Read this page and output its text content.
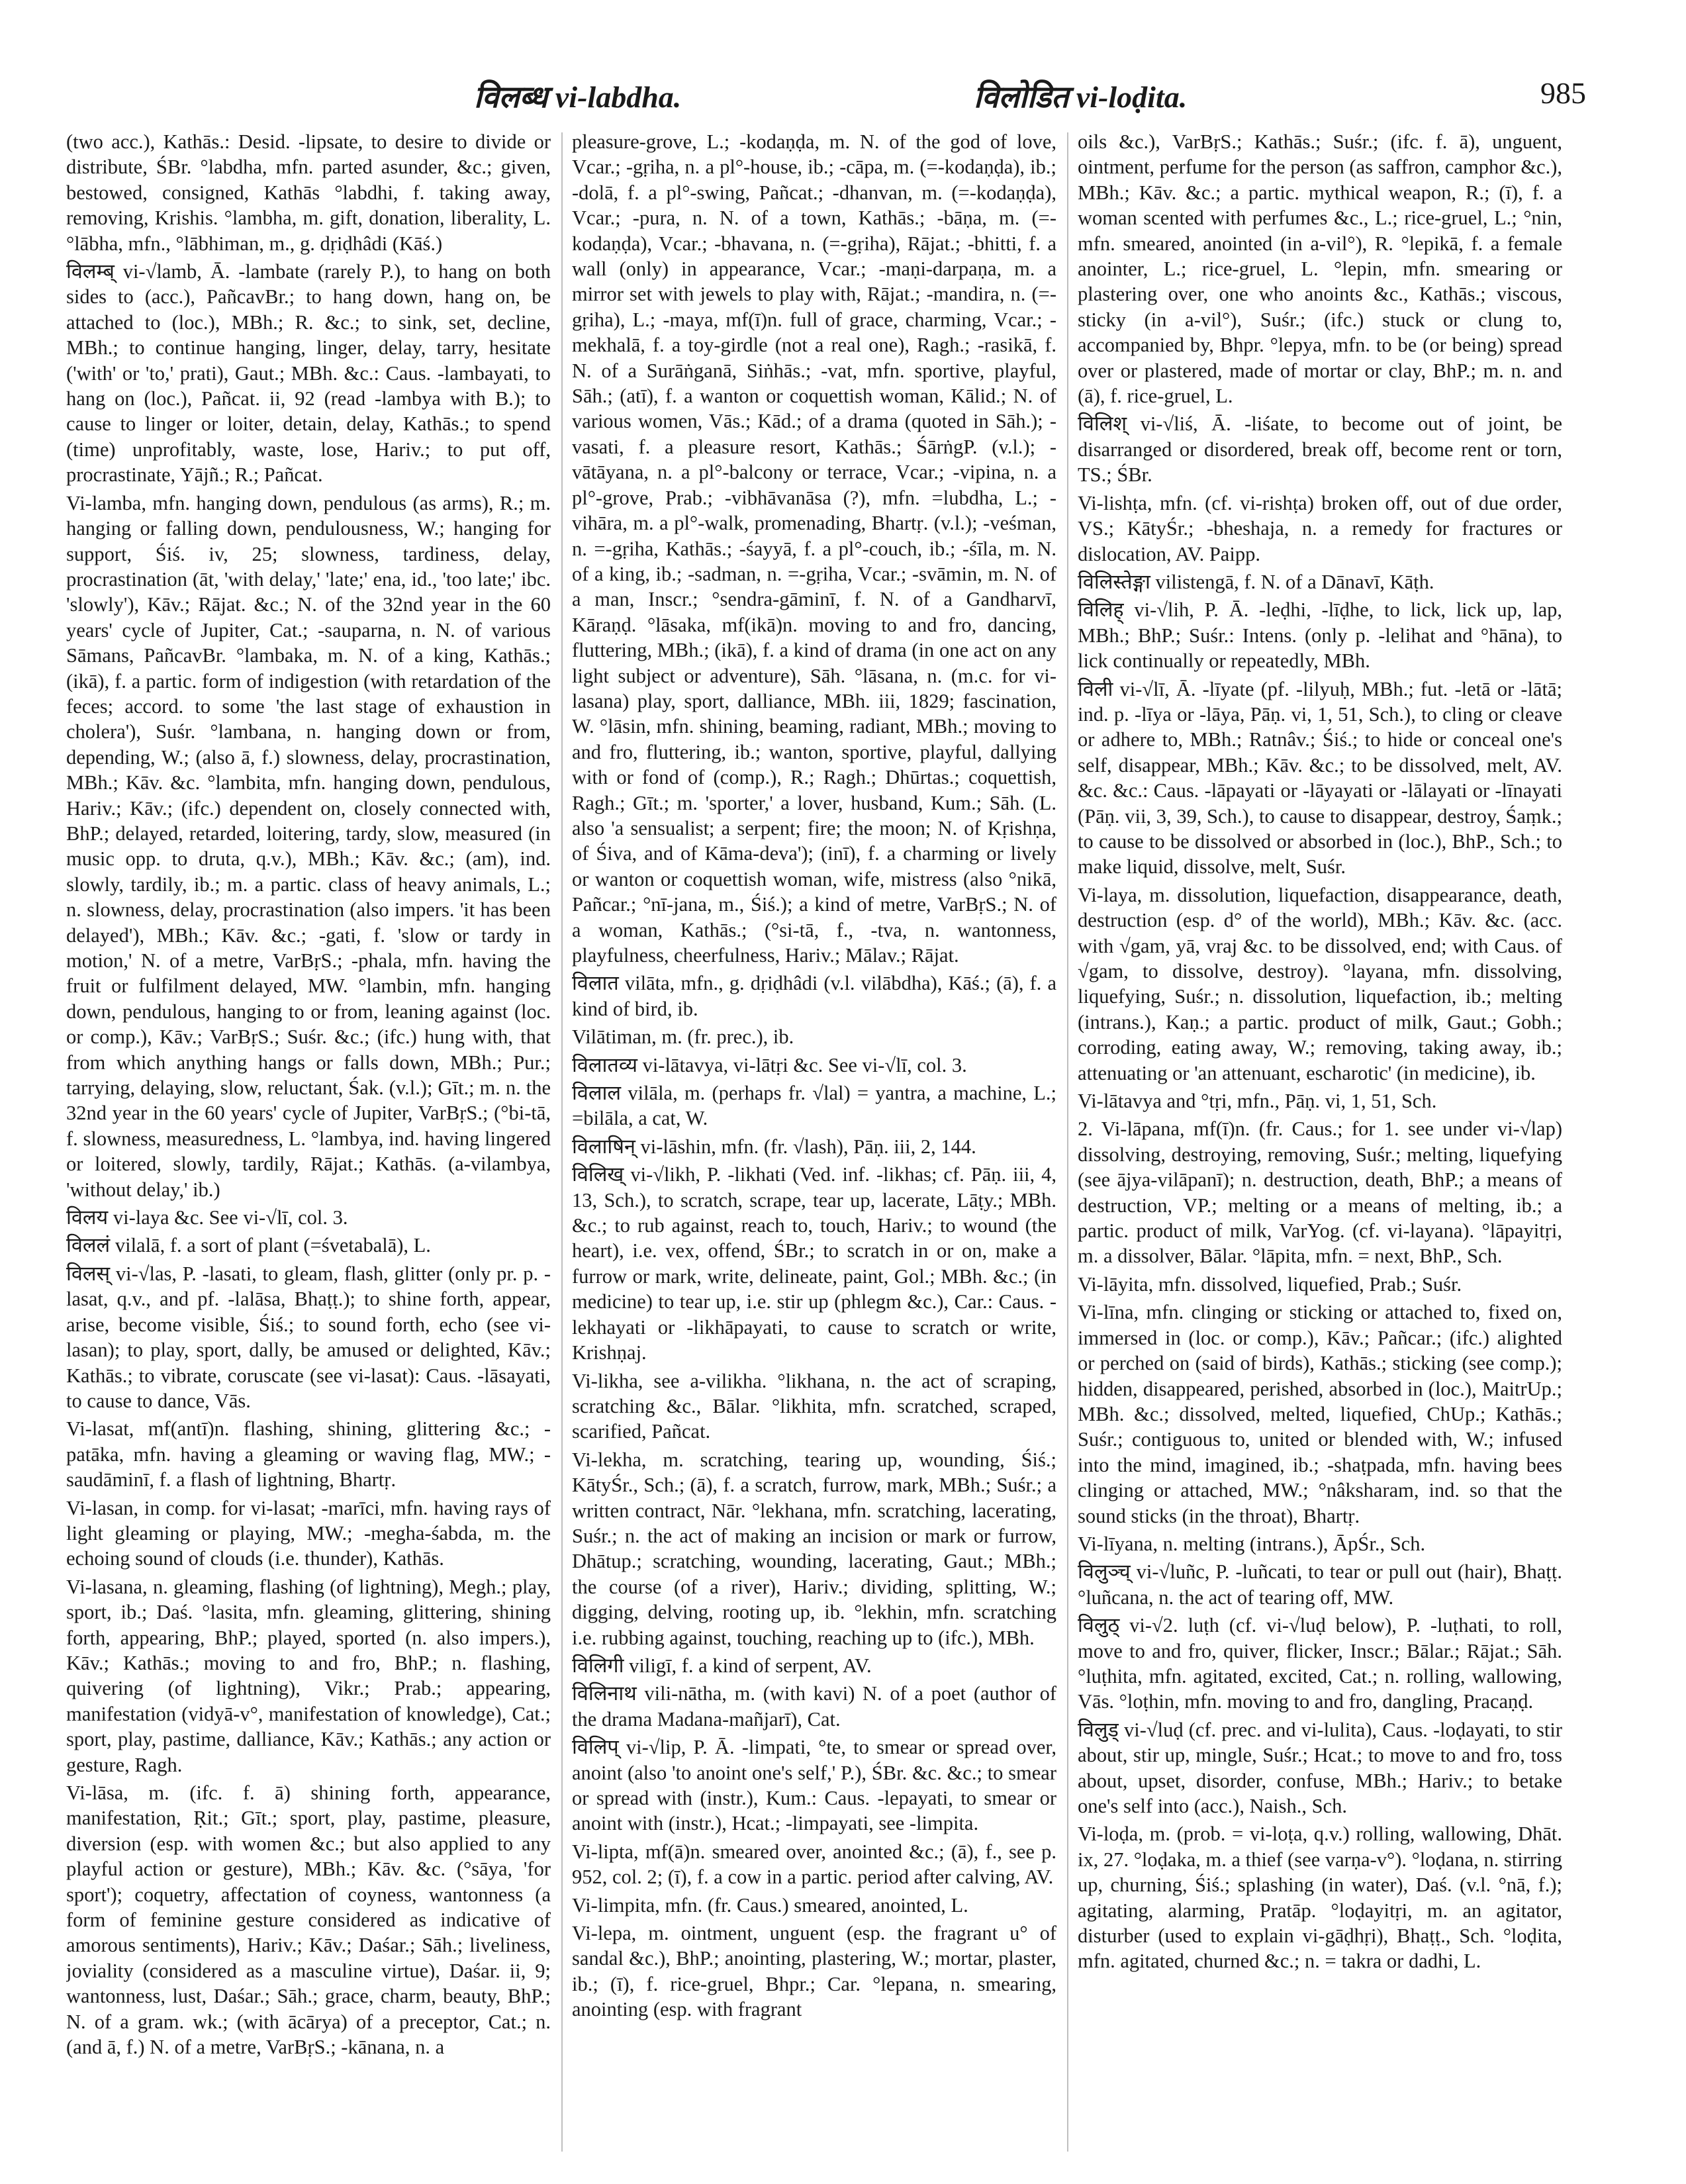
विलब्ध vi-labdha.	विलोडित vi-loḍita.	985

(two acc.), Kathās.: Desid. -lipsate, to desire to divide or distribute, ŚBr. °labdha, mfn. parted asunder, &c.; given, bestowed, consigned, Kathās °labdhi, f. taking away, removing, Krishis. °lambha, m. gift, donation, liberality, L. °lābha, mfn., °lābhiman, m., g. dṛiḍhâdi (Kāś.)

विलम्ब् vi-√lamb, Ā. -lambate (rarely P.), to hang on both sides to (acc.), PañcavBr.; to hang down, hang on, be attached to (loc.), MBh.; R. &c.; to sink, set, decline, MBh.; to continue hanging, linger, delay, tarry, hesitate ('with' or 'to,' prati), Gaut.; MBh. &c.: Caus. -lambayati, to hang on (loc.), Pañcat. ii, 92 (read -lambya with B.); to cause to linger or loiter, detain, delay, Kathās.; to spend (time) unprofitably, waste, lose, Hariv.; to put off, procrastinate, Yājñ.; R.; Pañcat.

Vi-lamba, mfn. hanging down, pendulous (as arms), R.; m. hanging or falling down, pendulousness, W.; hanging for support, Śiś. iv, 25; slowness, tardiness, delay, procrastination (āt, 'with delay,' 'late;' ena, id., 'too late;' ibc. 'slowly'), Kāv.; Rājat. &c.; N. of the 32nd year in the 60 years' cycle of Jupiter, Cat.; -sauparna, n. N. of various Sāmans, PañcavBr. °lambaka, m. N. of a king, Kathās.; (ikā), f. a partic. form of indigestion (with retardation of the feces; accord. to some 'the last stage of exhaustion in cholera'), Suśr. °lambana, n. hanging down or from, depending, W.; (also ā, f.) slowness, delay, procrastination, MBh.; Kāv. &c. °lambita, mfn. hanging down, pendulous, Hariv.; Kāv.; (ifc.) dependent on, closely connected with, BhP.; delayed, retarded, loitering, tardy, slow, measured (in music opp. to druta, q.v.), MBh.; Kāv. &c.; (am), ind. slowly, tardily, ib.; m. a partic. class of heavy animals, L.; n. slowness, delay, procrastination (also impers. 'it has been delayed'), MBh.; Kāv. &c.; -gati, f. 'slow or tardy in motion,' N. of a metre, VarBṛS.; -phala, mfn. having the fruit or fulfilment delayed, MW. °lambin, mfn. hanging down, pendulous, hanging to or from, leaning against (loc. or comp.), Kāv.; VarBṛS.; Suśr. &c.; (ifc.) hung with, that from which anything hangs or falls down, MBh.; Pur.; tarrying, delaying, slow, reluctant, Śak. (v.l.); Gīt.; m. n. the 32nd year in the 60 years' cycle of Jupiter, VarBṛS.; (°bi-tā, f. slowness, measuredness, L. °lambya, ind. having lingered or loitered, slowly, tardily, Rājat.; Kathās. (a-vilambya, 'without delay,' ib.)

विलय vi-laya &c. See vi-√lī, col. 3.

विललं vilalā, f. a sort of plant (=śvetabalā), L.

विलस् vi-√las, P. -lasati, to gleam, flash, glitter (only pr. p. -lasat, q.v., and pf. -lalāsa, Bhaṭṭ.); to shine forth, appear, arise, become visible, Śiś.; to sound forth, echo (see vi-lasan); to play, sport, dally, be amused or delighted, Kāv.; Kathās.; to vibrate, coruscate (see vi-lasat): Caus. -lāsayati, to cause to dance, Vās.

Vi-lasat, mf(antī)n. flashing, shining, glittering &c.; -patāka, mfn. having a gleaming or waving flag, MW.; -saudāminī, f. a flash of lightning, Bhartṛ.

Vi-lasan, in comp. for vi-lasat; -marīci, mfn. having rays of light gleaming or playing, MW.; -megha-śabda, m. the echoing sound of clouds (i.e. thunder), Kathās.

Vi-lasana, n. gleaming, flashing (of lightning), Megh.; play, sport, ib.; Daś. °lasita, mfn. gleaming, glittering, shining forth, appearing, BhP.; played, sported (n. also impers.), Kāv.; Kathās.; moving to and fro, BhP.; n. flashing, quivering (of lightning), Vikr.; Prab.; appearing, manifestation (vidyā-v°, manifestation of knowledge), Cat.; sport, play, pastime, dalliance, Kāv.; Kathās.; any action or gesture, Ragh.

Vi-lāsa, m. (ifc. f. ā) shining forth, appearance, manifestation, Ṛit.; Gīt.; sport, play, pastime, pleasure, diversion (esp. with women &c.; but also applied to any playful action or gesture), MBh.; Kāv. &c. (°sāya, 'for sport'); coquetry, affectation of coyness, wantonness (a form of feminine gesture considered as indicative of amorous sentiments), Hariv.; Kāv.; Daśar.; Sāh.; liveliness, joviality (considered as a masculine virtue), Daśar. ii, 9; wantonness, lust, Daśar.; Sāh.; grace, charm, beauty, BhP.; N. of a gram. wk.; (with ācārya) of a preceptor, Cat.; n. (and ā, f.) N. of a metre, VarBṛS.; -kānana, n. a

pleasure-grove, L.; -kodaṇḍa, m. N. of the god of love, Vcar.; -gṛiha, n. a pl°-house, ib.; -cāpa, m. (=-kodaṇḍa), ib.; -dolā, f. a pl°-swing, Pañcat.; -dhanvan, m. (=-kodaṇḍa), Vcar.; -pura, n. N. of a town, Kathās.; -bāṇa, m. (=-kodaṇḍa), Vcar.; -bhavana, n. (=-gṛiha), Rājat.; -bhitti, f. a wall (only) in appearance, Vcar.; -maṇi-darpaṇa, m. a mirror set with jewels to play with, Rājat.; -mandira, n. (=-gṛiha), L.; -maya, mf(ī)n. full of grace, charming, Vcar.; -mekhalā, f. a toy-girdle (not a real one), Ragh.; -rasikā, f. N. of a Surāṅganā, Siṅhās.; -vat, mfn. sportive, playful, Sāh.; (atī), f. a wanton or coquettish woman, Kālid.; N. of various women, Vās.; Kād.; of a drama (quoted in Sāh.); -vasati, f. a pleasure resort, Kathās.; ŚārṅgP. (v.l.); -vātāyana, n. a pl°-balcony or terrace, Vcar.; -vipina, n. a pl°-grove, Prab.; -vibhāvanāsa (?), mfn. =lubdha, L.; -vihāra, m. a pl°-walk, promenading, Bhartṛ. (v.l.); -veśman, n. =-gṛiha, Kathās.; -śayyā, f. a pl°-couch, ib.; -śīla, m. N. of a king, ib.; -sadman, n. =-gṛiha, Vcar.; -svāmin, m. N. of a man, Inscr.; °sendra-gāminī, f. N. of a Gandharvī, Kāraṇḍ. °lāsaka, mf(ikā)n. moving to and fro, dancing, fluttering, MBh.; (ikā), f. a kind of drama (in one act on any light subject or adventure), Sāh. °lāsana, n. (m.c. for vi-lasana) play, sport, dalliance, MBh. iii, 1829; fascination, W. °lāsin, mfn. shining, beaming, radiant, MBh.; moving to and fro, fluttering, ib.; wanton, sportive, playful, dallying with or fond of (comp.), R.; Ragh.; Dhūrtas.; coquettish, Ragh.; Gīt.; m. 'sporter,' a lover, husband, Kum.; Sāh. (L. also 'a sensualist; a serpent; fire; the moon; N. of Kṛishṇa, of Śiva, and of Kāma-deva'); (inī), f. a charming or lively or wanton or coquettish woman, wife, mistress (also °nikā, Pañcar.; °nī-jana, m., Śiś.); a kind of metre, VarBṛS.; N. of a woman, Kathās.; (°si-tā, f., -tva, n. wantonness, playfulness, cheerfulness, Hariv.; Mālav.; Rājat.

विलात vilāta, mfn., g. dṛiḍhâdi (v.l. vilābdha), Kāś.; (ā), f. a kind of bird, ib.

Vilātiman, m. (fr. prec.), ib.

विलातव्य vi-lātavya, vi-lātṛi &c. See vi-√lī, col. 3.

विलाल vilāla, m. (perhaps fr. √lal) = yantra, a machine, L.; =bilāla, a cat, W.

विलाषिन् vi-lāshin, mfn. (fr. √lash), Pāṇ. iii, 2, 144.

विलिख् vi-√likh, P. -likhati (Ved. inf. -likhas; cf. Pāṇ. iii, 4, 13, Sch.), to scratch, scrape, tear up, lacerate, Lāṭy.; MBh. &c.; to rub against, reach to, touch, Hariv.; to wound (the heart), i.e. vex, offend, ŚBr.; to scratch in or on, make a furrow or mark, write, delineate, paint, Gol.; MBh. &c.; (in medicine) to tear up, i.e. stir up (phlegm &c.), Car.: Caus. -lekhayati or -likhāpayati, to cause to scratch or write, Krishṇaj.

Vi-likha, see a-vilikha. °likhana, n. the act of scraping, scratching &c., Bālar. °likhita, mfn. scratched, scraped, scarified, Pañcat.

Vi-lekha, m. scratching, tearing up, wounding, Śiś.; KātyŚr., Sch.; (ā), f. a scratch, furrow, mark, MBh.; Suśr.; a written contract, Nār. °lekhana, mfn. scratching, lacerating, Suśr.; n. the act of making an incision or mark or furrow, Dhātup.; scratching, wounding, lacerating, Gaut.; MBh.; the course (of a river), Hariv.; dividing, splitting, W.; digging, delving, rooting up, ib. °lekhin, mfn. scratching i.e. rubbing against, touching, reaching up to (ifc.), MBh.

विलिगी viligī, f. a kind of serpent, AV.

विलिनाथ vili-nātha, m. (with kavi) N. of a poet (author of the drama Madana-mañjarī), Cat.

विलिप् vi-√lip, P. Ā. -limpati, °te, to smear or spread over, anoint (also 'to anoint one's self,' P.), ŚBr. &c. &c.; to smear or spread with (instr.), Kum.: Caus. -lepayati, to smear or anoint with (instr.), Hcat.; -limpayati, see -limpita.

Vi-lipta, mf(ā)n. smeared over, anointed &c.; (ā), f., see p. 952, col. 2; (ī), f. a cow in a partic. period after calving, AV.

Vi-limpita, mfn. (fr. Caus.) smeared, anointed, L.

Vi-lepa, m. ointment, unguent (esp. the fragrant u° of sandal &c.), BhP.; anointing, plastering, W.; mortar, plaster, ib.; (ī), f. rice-gruel, Bhpr.; Car. °lepana, n. smearing, anointing (esp. with fragrant

oils &c.), VarBṛS.; Kathās.; Suśr.; (ifc. f. ā), unguent, ointment, perfume for the person (as saffron, camphor &c.), MBh.; Kāv. &c.; a partic. mythical weapon, R.; (ī), f. a woman scented with perfumes &c., L.; rice-gruel, L.; °nin, mfn. smeared, anointed (in a-vil°), R. °lepikā, f. a female anointer, L.; rice-gruel, L. °lepin, mfn. smearing or plastering over, one who anoints &c., Kathās.; viscous, sticky (in a-vil°), Suśr.; (ifc.) stuck or clung to, accompanied by, Bhpr. °lepya, mfn. to be (or being) spread over or plastered, made of mortar or clay, BhP.; m. n. and (ā), f. rice-gruel, L.

विलिश् vi-√liś, Ā. -liśate, to become out of joint, be disarranged or disordered, break off, become rent or torn, TS.; ŚBr.

Vi-lishṭa, mfn. (cf. vi-rishṭa) broken off, out of due order, VS.; KātyŚr.; -bheshaja, n. a remedy for fractures or dislocation, AV. Paipp.

विलिस्तेङ्गा vilistengā, f. N. of a Dānavī, Kāṭh.

विलिह् vi-√lih, P. Ā. -leḍhi, -līḍhe, to lick, lick up, lap, MBh.; BhP.; Suśr.: Intens. (only p. -lelihat and °hāna), to lick continually or repeatedly, MBh.

विली vi-√lī, Ā. -līyate (pf. -lilyuḥ, MBh.; fut. -letā or -lātā; ind. p. -līya or -lāya, Pāṇ. vi, 1, 51, Sch.), to cling or cleave or adhere to, MBh.; Ratnâv.; Śiś.; to hide or conceal one's self, disappear, MBh.; Kāv. &c.; to be dissolved, melt, AV. &c. &c.: Caus. -lāpayati or -lāyayati or -lālayati or -līnayati (Pāṇ. vii, 3, 39, Sch.), to cause to disappear, destroy, Śaṃk.; to cause to be dissolved or absorbed in (loc.), BhP., Sch.; to make liquid, dissolve, melt, Suśr.

Vi-laya, m. dissolution, liquefaction, disappearance, death, destruction (esp. d° of the world), MBh.; Kāv. &c. (acc. with √gam, yā, vraj &c. to be dissolved, end; with Caus. of √gam, to dissolve, destroy). °layana, mfn. dissolving, liquefying, Suśr.; n. dissolution, liquefaction, ib.; melting (intrans.), Kaṇ.; a partic. product of milk, Gaut.; Gobh.; corroding, eating away, W.; removing, taking away, ib.; attenuating or 'an attenuant, escharotic' (in medicine), ib.

Vi-lātavya and °tṛi, mfn., Pāṇ. vi, 1, 51, Sch.

2. Vi-lāpana, mf(ī)n. (fr. Caus.; for 1. see under vi-√lap) dissolving, destroying, removing, Suśr.; melting, liquefying (see ājya-vilāpanī); n. destruction, death, BhP.; a means of destruction, VP.; melting or a means of melting, ib.; a partic. product of milk, VarYog. (cf. vi-layana). °lāpayitṛi, m. a dissolver, Bālar. °lāpita, mfn. = next, BhP., Sch.

Vi-lāyita, mfn. dissolved, liquefied, Prab.; Suśr.

Vi-līna, mfn. clinging or sticking or attached to, fixed on, immersed in (loc. or comp.), Kāv.; Pañcar.; (ifc.) alighted or perched on (said of birds), Kathās.; sticking (see comp.); hidden, disappeared, perished, absorbed in (loc.), MaitrUp.; MBh. &c.; dissolved, melted, liquefied, ChUp.; Kathās.; Suśr.; contiguous to, united or blended with, W.; infused into the mind, imagined, ib.; -shaṭpada, mfn. having bees clinging or attached, MW.; °nâksharam, ind. so that the sound sticks (in the throat), Bhartṛ.

Vi-līyana, n. melting (intrans.), ĀpŚr., Sch.

विलुञ्च् vi-√luñc, P. -luñcati, to tear or pull out (hair), Bhaṭṭ. °luñcana, n. the act of tearing off, MW.

विलुठ् vi-√2. luṭh (cf. vi-√luḍ below), P. -luṭhati, to roll, move to and fro, quiver, flicker, Inscr.; Bālar.; Rājat.; Sāh. °luṭhita, mfn. agitated, excited, Cat.; n. rolling, wallowing, Vās. °loṭhin, mfn. moving to and fro, dangling, Pracaṇḍ.

विलुड् vi-√luḍ (cf. prec. and vi-lulita), Caus. -loḍayati, to stir about, stir up, mingle, Suśr.; Hcat.; to move to and fro, toss about, upset, disorder, confuse, MBh.; Hariv.; to betake one's self into (acc.), Naish., Sch.

Vi-loḍa, m. (prob. = vi-loṭa, q.v.) rolling, wallowing, Dhāt. ix, 27. °loḍaka, m. a thief (see varṇa-v°). °loḍana, n. stirring up, churning, Śiś.; splashing (in water), Daś. (v.l. °nā, f.); agitating, alarming, Pratāp. °loḍayitṛi, m. an agitator, disturber (used to explain vi-gāḍhṛi), Bhaṭṭ., Sch. °loḍita, mfn. agitated, churned &c.; n. = takra or dadhi, L.
